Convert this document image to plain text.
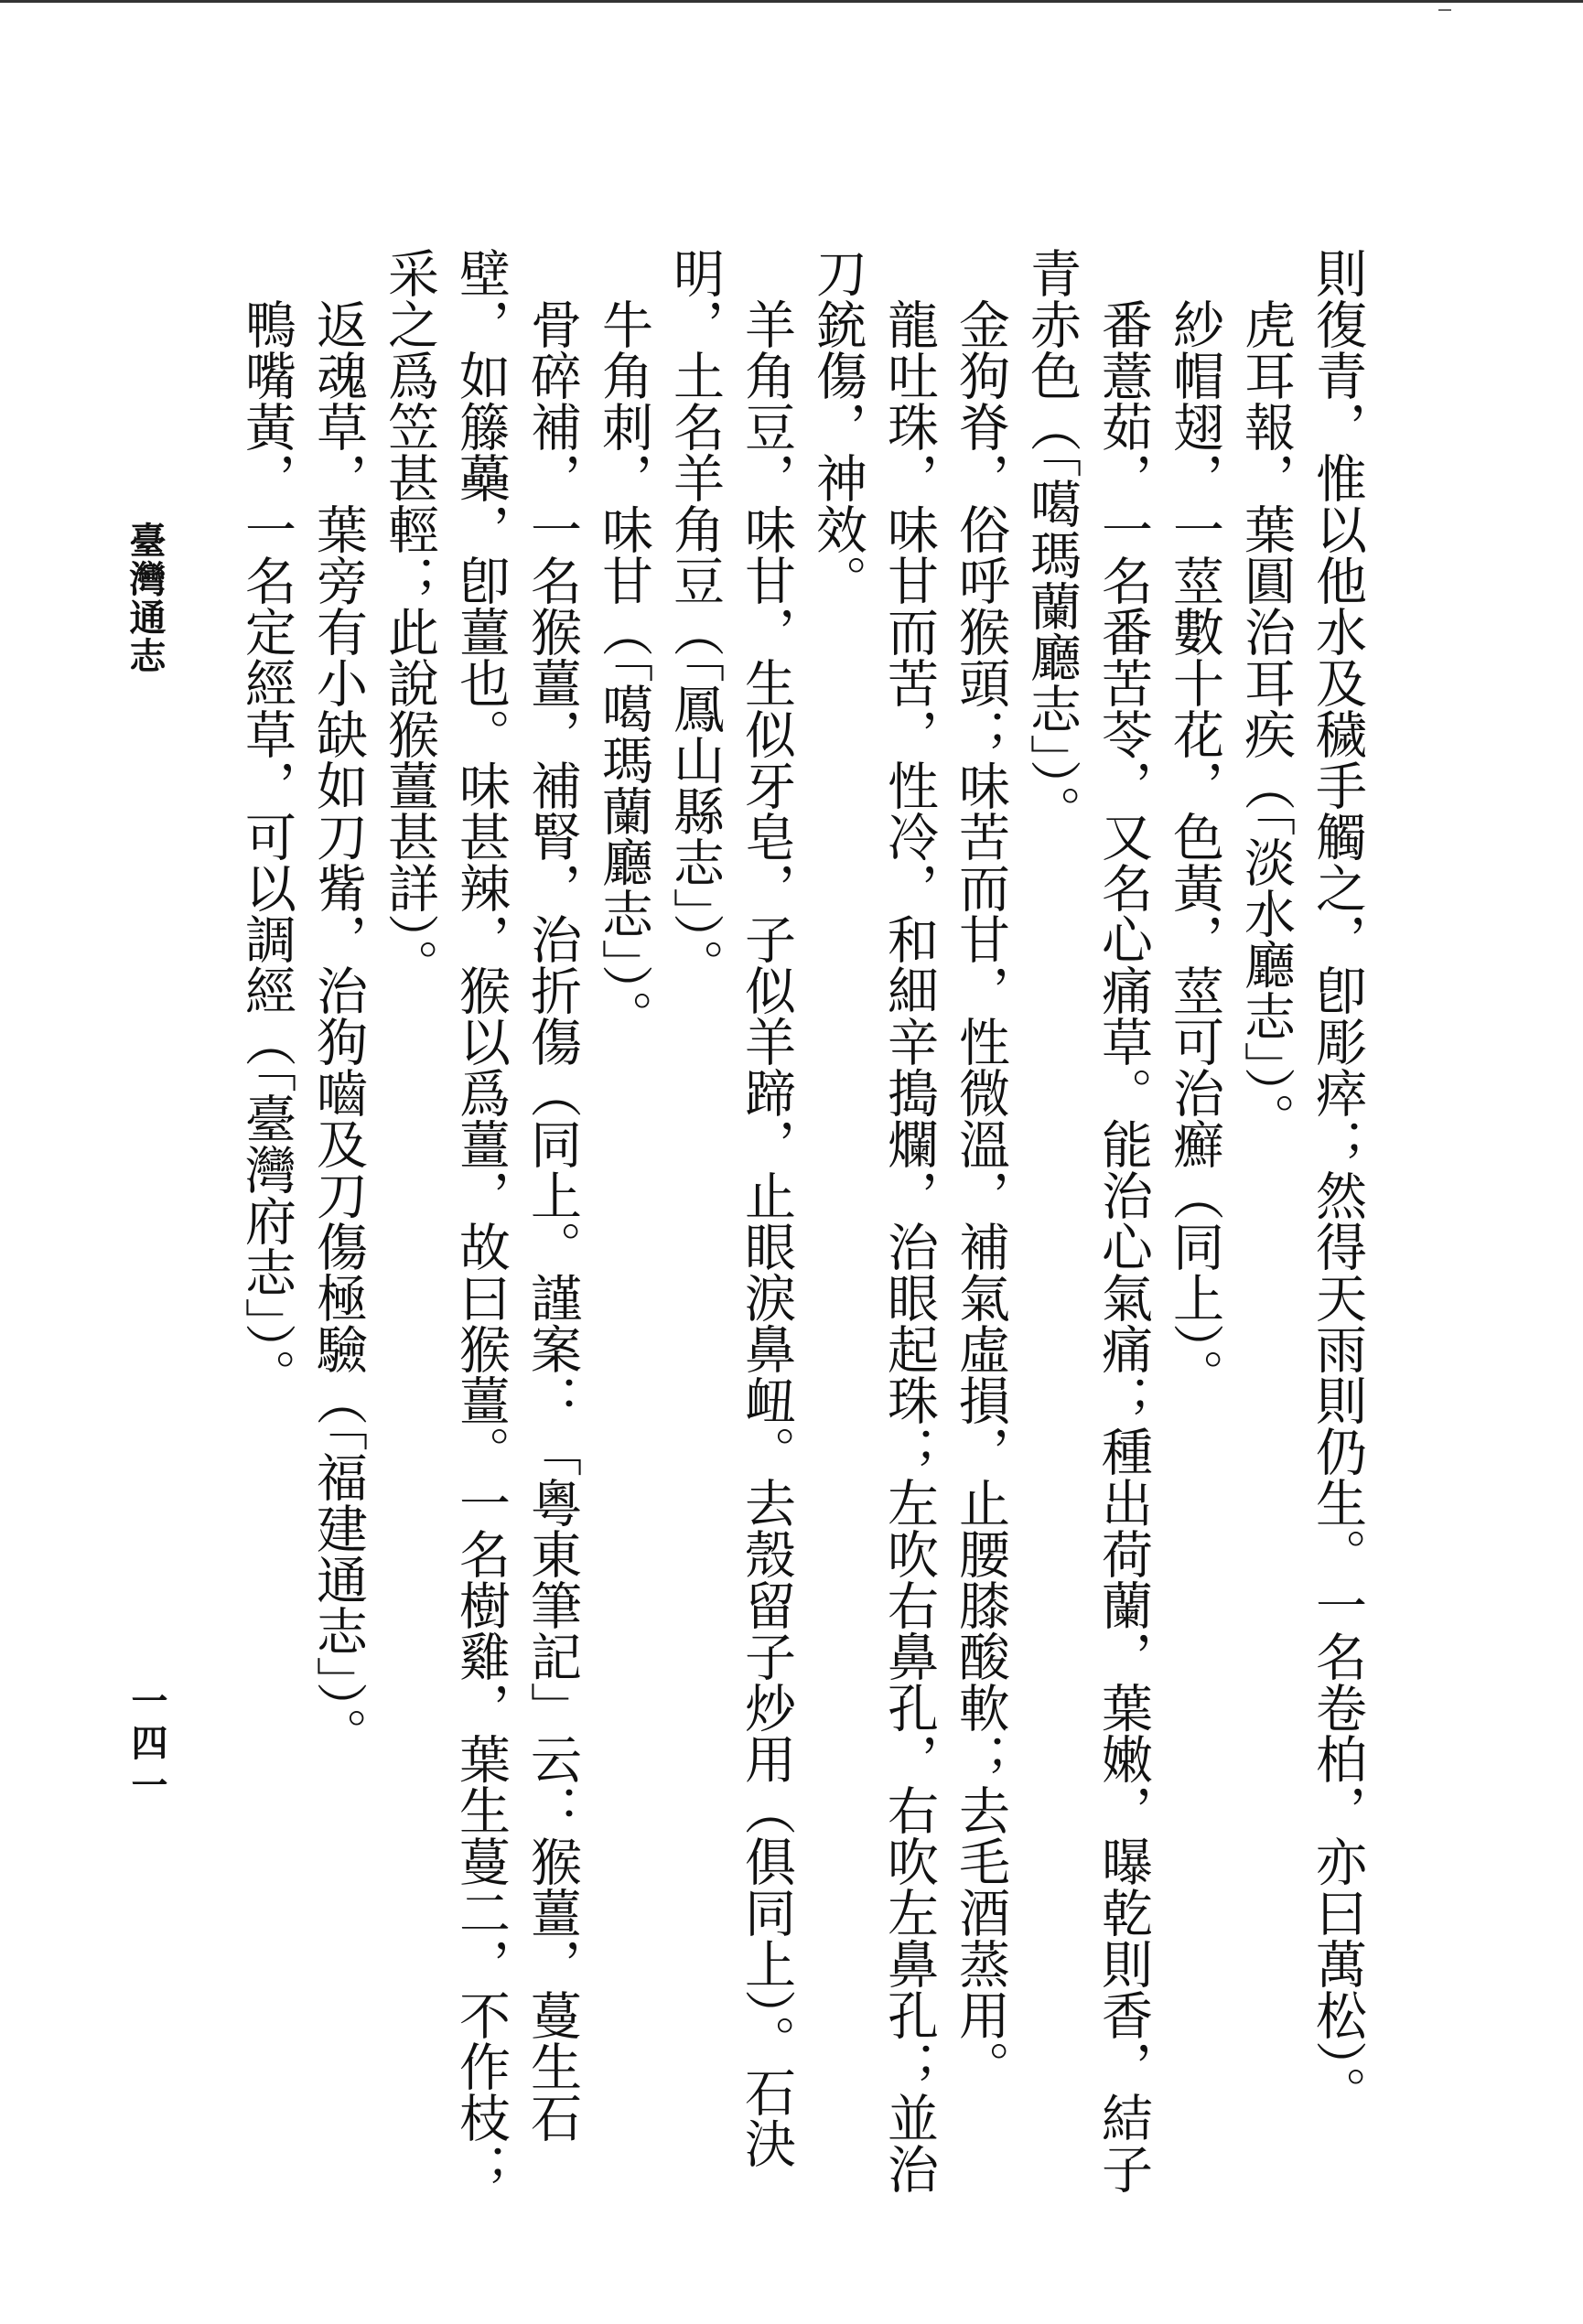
則復青，惟以他水及穢手觸之，卽彫瘁；然得天雨則仍生。一名卷柏，亦曰萬松）。

虎耳報，葉圓治耳疾（「淡水廳志」）。

紗帽翅，一莖數十花，色黃，莖可治癬（同上）。

番薏茹，一名番苦苓，又名心痛草。能治心氣痛；種出荷蘭，葉嫩，曝乾則香，結子青赤色（「噶瑪蘭廳志」）。

金狗脊，俗呼猴頭；味苦而甘，性微溫，補氣虛損，止腰膝酸軟；去毛酒蒸用。

龍吐珠，味甘而苦，性冷，和細辛搗爛，治眼起珠；左吹右鼻孔，右吹左鼻孔；並治刀銃傷，神效。

羊角豆，味甘，生似牙皂，子似羊蹄，止眼淚鼻衄。去殼留子炒用（俱同上）。石決明，土名羊角豆（「鳳山縣志」）。

牛角刺，味甘（「噶瑪蘭廳志」）。

骨碎補，一名猴薑，補腎，治折傷（同上。謹案：「粵東筆記」云：猴薑，蔓生石壁，如籐蘽，卽薑也。味甚辣，猴以爲薑，故曰猴薑。一名樹雞，葉生蔓二，不作枝；采之爲笠甚輕；此說猴薑甚詳）。

返魂草，葉旁有小缺如刀觜，治狗嚙及刀傷極驗（「福建通志」）。

鴨嘴黃，一名定經草，可以調經（「臺灣府志」）。

臺灣通志
一四一
